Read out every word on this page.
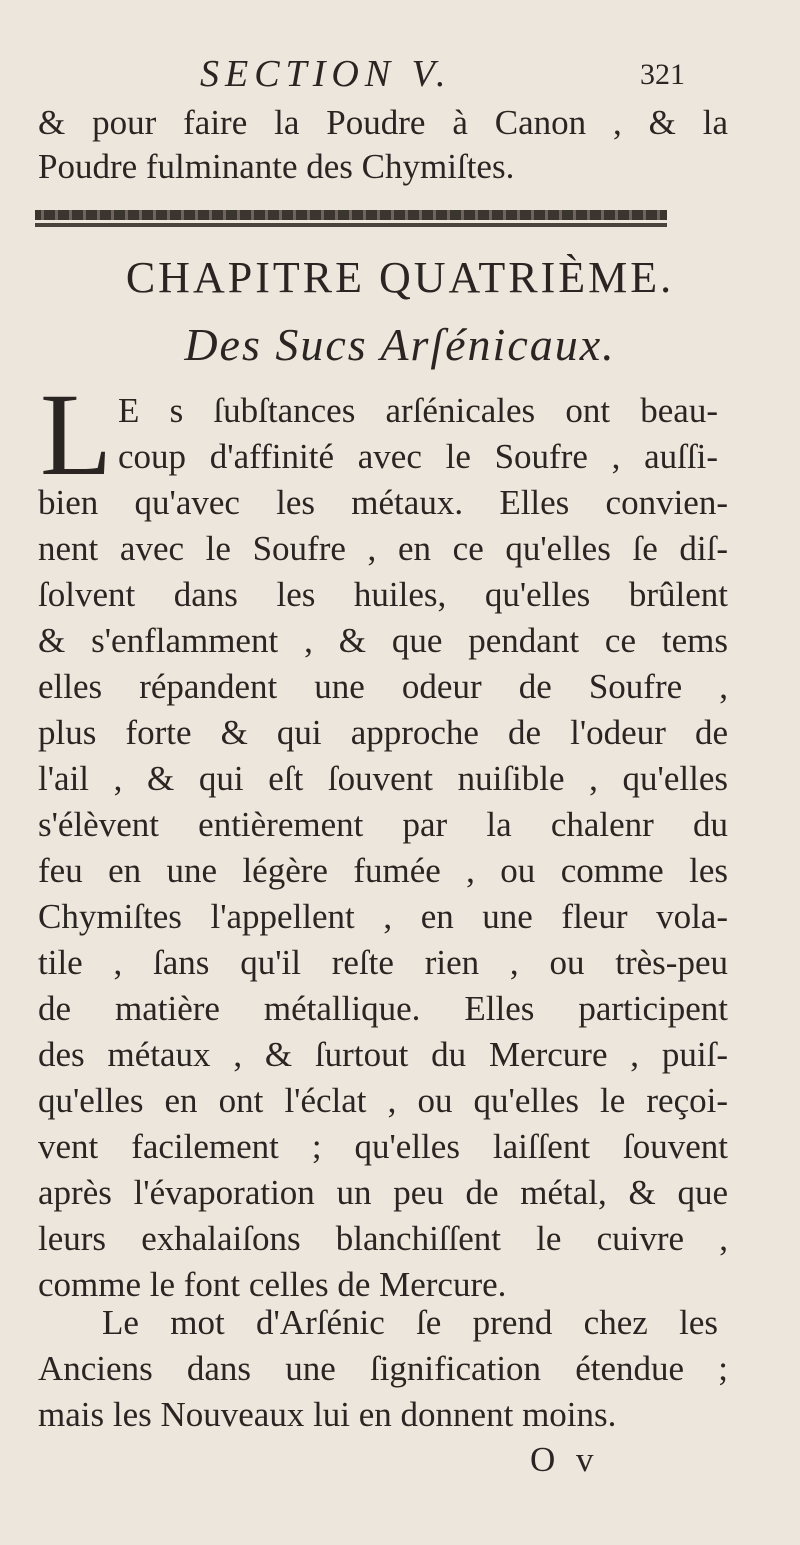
SECTION V.	321
& pour faire la Poudre à Canon , & la
Poudre fulminante des Chymiſtes.
CHAPITRE QUATRIÈME.
Des Sucs Arſénicaux.
L E s ſubſtances arſénicales ont beau-
coup d'affinité avec le Soufre , auſſi-
bien qu'avec les métaux. Elles convien-
nent avec le Soufre , en ce qu'elles ſe diſ-
ſolvent dans les huiles, qu'elles brûlent
& s'enflamment , & que pendant ce tems
elles répandent une odeur de Soufre ,
plus forte & qui approche de l'odeur de
l'ail , & qui eſt ſouvent nuiſible , qu'elles
s'élèvent entièrement par la chalenr du
feu en une légère fumée , ou comme les
Chymiſtes l'appellent , en une fleur vola-
tile , ſans qu'il reſte rien , ou très-peu
de matière métallique. Elles participent
des métaux , & ſurtout du Mercure , puiſ-
qu'elles en ont l'éclat , ou qu'elles le reçoi-
vent facilement ; qu'elles laiſſent ſouvent
après l'évaporation un peu de métal, & que
leurs exhalaiſons blanchiſſent le cuivre ,
comme le font celles de Mercure.
Le mot d'Arſénic ſe prend chez les
Anciens dans une ſignification étendue ;
mais les Nouveaux lui en donnent moins.
O v
